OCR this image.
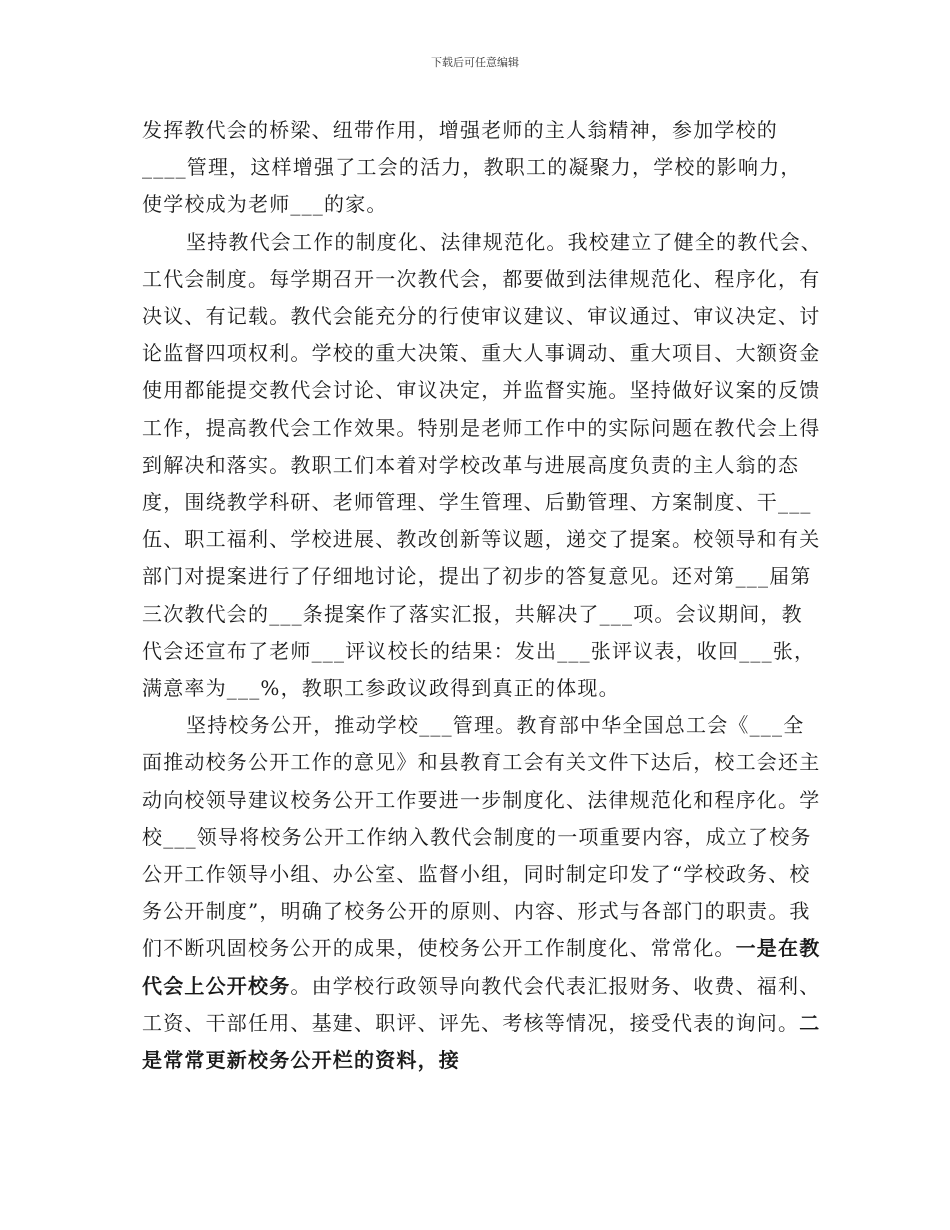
下载后可任意编辑

发挥教代会的桥梁、纽带作用，增强老师的主人翁精神，参加学校的____管理，这样增强了工会的活力，教职工的凝聚力，学校的影响力，使学校成为老师___的家。

坚持教代会工作的制度化、法律规范化。我校建立了健全的教代会、工代会制度。每学期召开一次教代会，都要做到法律规范化、程序化，有决议、有记载。教代会能充分的行使审议建议、审议通过、审议决定、讨论监督四项权利。学校的重大决策、重大人事调动、重大项目、大额资金使用都能提交教代会讨论、审议决定，并监督实施。坚持做好议案的反馈工作，提高教代会工作效果。特别是老师工作中的实际问题在教代会上得到解决和落实。教职工们本着对学校改革与进展高度负责的主人翁的态度，围绕教学科研、老师管理、学生管理、后勤管理、方案制度、干___伍、职工福利、学校进展、教改创新等议题，递交了提案。校领导和有关部门对提案进行了仔细地讨论，提出了初步的答复意见。还对第___届第三次教代会的___条提案作了落实汇报，共解决了___项。会议期间，教代会还宣布了老师___评议校长的结果：发出___张评议表，收回___张，满意率为___%，教职工参政议政得到真正的体现。

坚持校务公开，推动学校___管理。教育部中华全国总工会《___全面推动校务公开工作的意见》和县教育工会有关文件下达后，校工会还主动向校领导建议校务公开工作要进一步制度化、法律规范化和程序化。学校___领导将校务公开工作纳入教代会制度的一项重要内容，成立了校务公开工作领导小组、办公室、监督小组，同时制定印发了“学校政务、校务公开制度”，明确了校务公开的原则、内容、形式与各部门的职责。我们不断巩固校务公开的成果，使校务公开工作制度化、常常化。一是在教代会上公开校务。由学校行政领导向教代会代表汇报财务、收费、福利、工资、干部任用、基建、职评、评先、考核等情况，接受代表的询问。二是常常更新校务公开栏的资料，接
